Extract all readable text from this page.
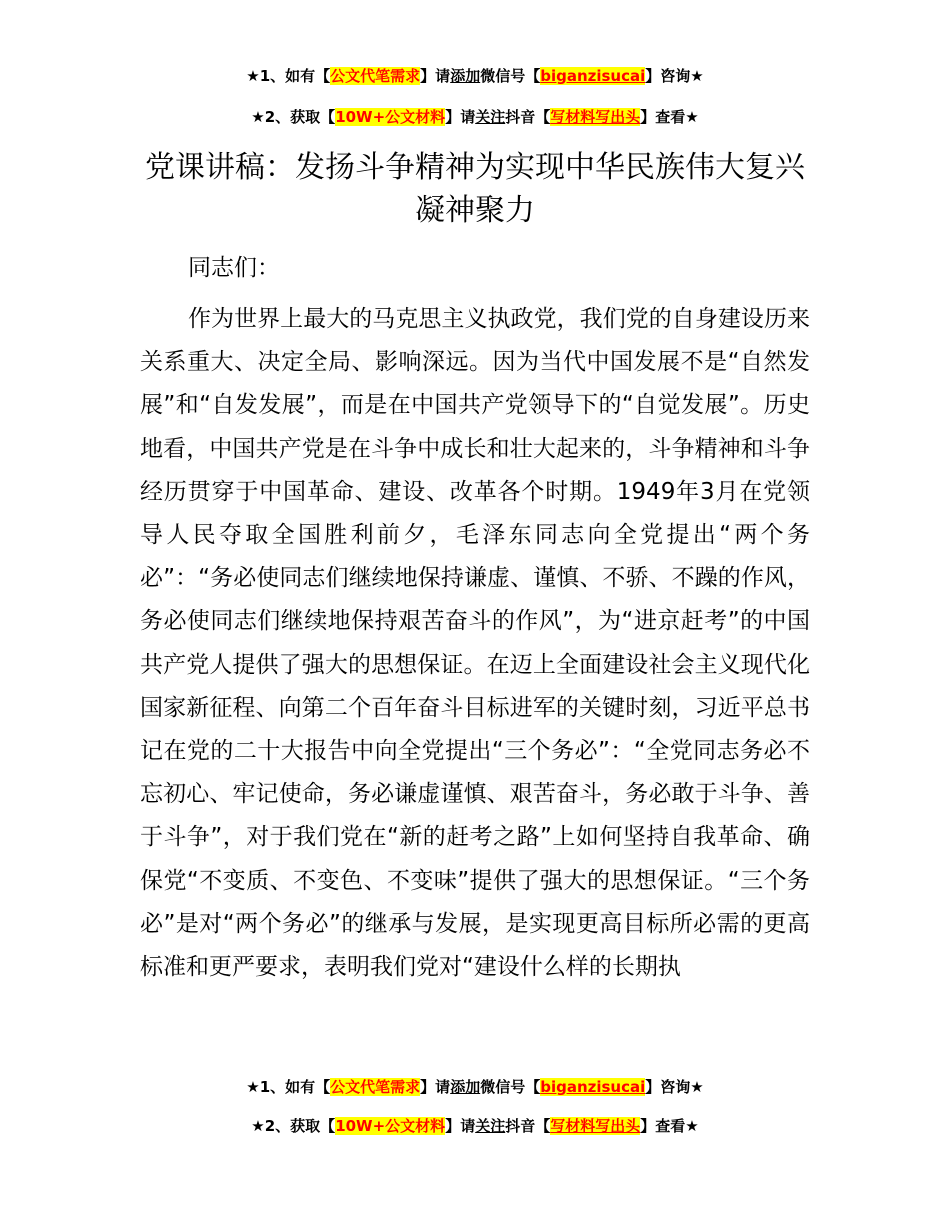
★1、如有【公文代笔需求】请添加微信号【biganzisucai】咨询★
★2、获取【10W+公文材料】请关注抖音【写材料写出头】查看★
党课讲稿：发扬斗争精神为实现中华民族伟大复兴凝神聚力
同志们：
作为世界上最大的马克思主义执政党，我们党的自身建设历来关系重大、决定全局、影响深远。因为当代中国发展不是“自然发展”和“自发发展”，而是在中国共产党领导下的“自觉发展”。历史地看，中国共产党是在斗争中成长和壮大起来的，斗争精神和斗争经历贯穿于中国革命、建设、改革各个时期。1949年3月在党领导人民夺取全国胜利前夕，毛泽东同志向全党提出“两个务必”：“务必使同志们继续地保持谦虚、谨慎、不骄、不躁的作风，务必使同志们继续地保持艰苦奋斗的作风”，为“进京赶考”的中国共产党人提供了强大的思想保证。在迈上全面建设社会主义现代化国家新征程、向第二个百年奋斗目标进军的关键时刻，习近平总书记在党的二十大报告中向全党提出“三个务必”：“全党同志务必不忘初心、牢记使命，务必谦虚谨慎、艰苦奋斗，务必敢于斗争、善于斗争”，对于我们党在“新的赶考之路”上如何坚持自我革命、确保党“不变质、不变色、不变味”提供了强大的思想保证。“三个务必”是对“两个务必”的继承与发展，是实现更高目标所必需的更高标准和更严要求，表明我们党对“建设什么样的长期执
★1、如有【公文代笔需求】请添加微信号【biganzisucai】咨询★
★2、获取【10W+公文材料】请关注抖音【写材料写出头】查看★
